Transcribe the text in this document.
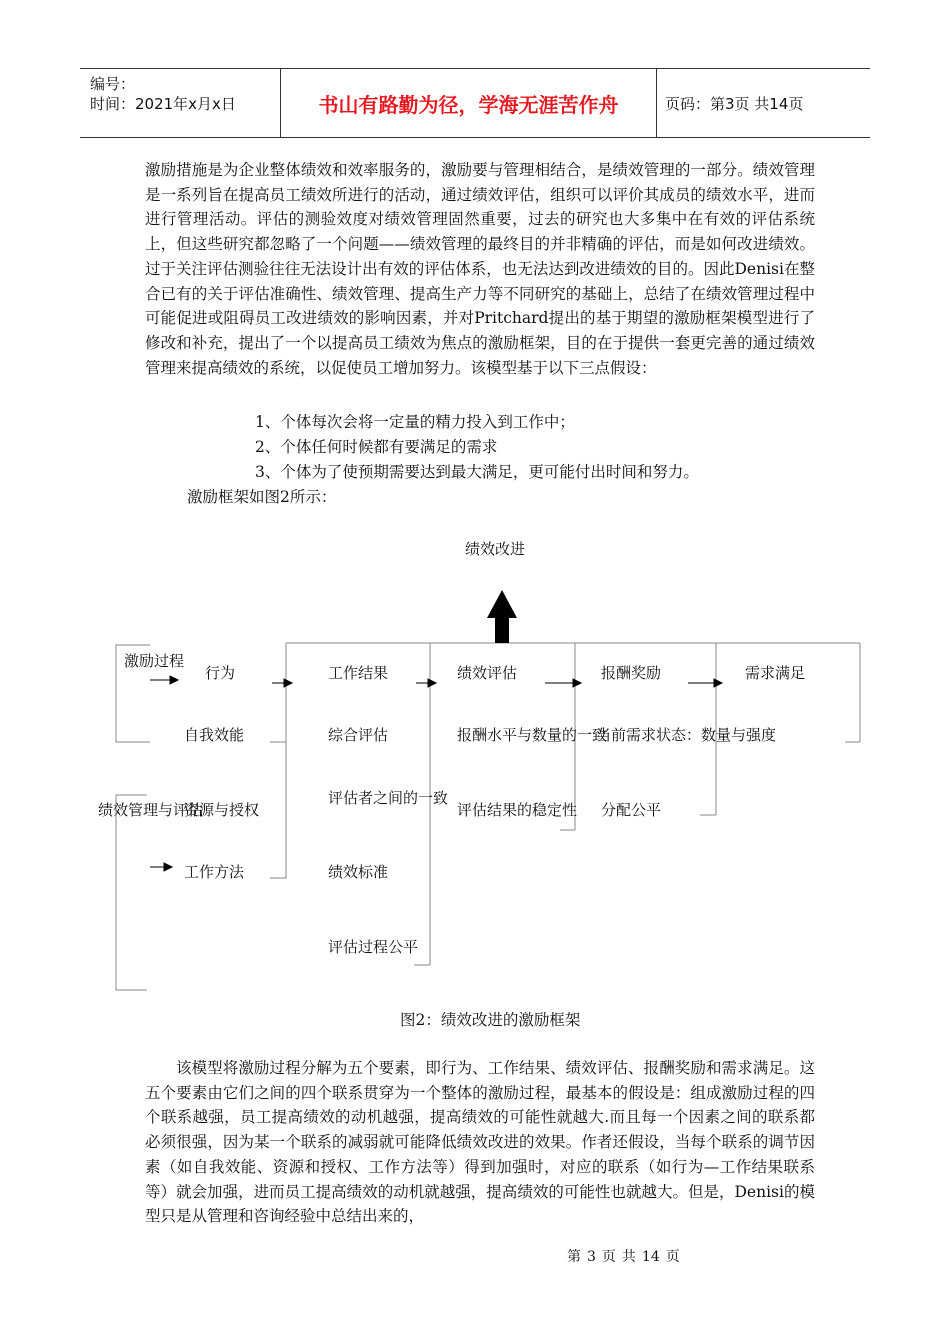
编号：
时间：2021年x月x日	书山有路勤为径，学海无涯苦作舟	页码：第3页 共14页

激励措施是为企业整体绩效和效率服务的，激励要与管理相结合，是绩效管理的一部分。绩效管理是一系列旨在提高员工绩效所进行的活动，通过绩效评估，组织可以评价其成员的绩效水平，进而进行管理活动。评估的测验效度对绩效管理固然重要，过去的研究也大多集中在有效的评估系统上，但这些研究都忽略了一个问题——绩效管理的最终目的并非精确的评估，而是如何改进绩效。过于关注评估测验往往无法设计出有效的评估体系，也无法达到改进绩效的目的。因此Denisi在整合已有的关于评估准确性、绩效管理、提高生产力等不同研究的基础上，总结了在绩效管理过程中可能促进或阻碍员工改进绩效的影响因素，并对Pritchard提出的基于期望的激励框架模型进行了修改和补充，提出了一个以提高员工绩效为焦点的激励框架，目的在于提供一套更完善的通过绩效管理来提高绩效的系统，以促使员工增加努力。该模型基于以下三点假设：

1、个体每次会将一定量的精力投入到工作中；
2、个体任何时候都有要满足的需求
3、个体为了使预期需要达到最大满足，更可能付出时间和努力。
激励框架如图2所示：
绩效改进
激励过程
绩效管理与评估
行为
自我效能
资源与授权
工作方法
工作结果
综合评估
评估者之间的一致
绩效标准
评估过程公平
绩效评估
报酬水平与数量的一致
评估结果的稳定性
报酬奖励
当前需求状态：数量与强度
分配公平
需求满足
图2：绩效改进的激励框架

该模型将激励过程分解为五个要素，即行为、工作结果、绩效评估、报酬奖励和需求满足。这五个要素由它们之间的四个联系贯穿为一个整体的激励过程，最基本的假设是：组成激励过程的四个联系越强，员工提高绩效的动机越强，提高绩效的可能性就越大.而且每一个因素之间的联系都必须很强，因为某一个联系的减弱就可能降低绩效改进的效果。作者还假设，当每个联系的调节因素（如自我效能、资源和授权、工作方法等）得到加强时，对应的联系（如行为—工作结果联系等）就会加强，进而员工提高绩效的动机就越强，提高绩效的可能性也就越大。但是，Denisi的模型只是从管理和咨询经验中总结出来的，

第 3 页 共 14 页
